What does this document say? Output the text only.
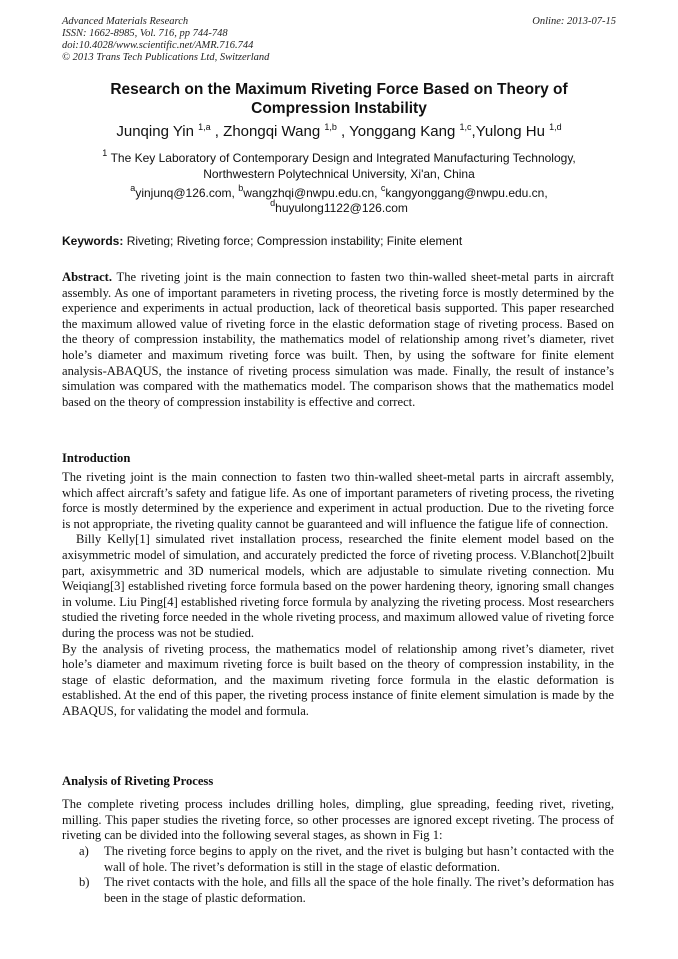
Advanced Materials Research
ISSN: 1662-8985, Vol. 716, pp 744-748
doi:10.4028/www.scientific.net/AMR.716.744
© 2013 Trans Tech Publications Ltd, Switzerland
Online: 2013-07-15
Research on the Maximum Riveting Force Based on Theory of
Compression Instability
Junqing Yin $^{1,a}$ , Zhongqi Wang $^{1,b}$ , Yonggang Kang $^{1,c}$,Yulong Hu $^{1,d}$
$^1$ The Key Laboratory of Contemporary Design and Integrated Manufacturing Technology,
Northwestern Polytechnical University, Xi'an, China
$^a$yinjunq@126.com, $^b$wangzhqi@nwpu.edu.cn, $^c$kangyonggang@nwpu.edu.cn,
$^d$huyulong1122@126.com
Keywords: Riveting; Riveting force; Compression instability; Finite element

Abstract. The riveting joint is the main connection to fasten two thin-walled sheet-metal parts in aircraft assembly. As one of important parameters in riveting process, the riveting force is mostly determined by the experience and experiments in actual production, lack of theoretical basis supported. This paper researched the maximum allowed value of riveting force in the elastic deformation stage of riveting process. Based on the theory of compression instability, the mathematics model of relationship among rivet’s diameter, rivet hole’s diameter and maximum riveting force was built. Then, by using the software for finite element analysis-ABAQUS, the instance of riveting process simulation was made. Finally, the result of instance’s simulation was compared with the mathematics model. The comparison shows that the mathematics model based on the theory of compression instability is effective and correct.

Introduction

The riveting joint is the main connection to fasten two thin-walled sheet-metal parts in aircraft assembly, which affect aircraft’s safety and fatigue life. As one of important parameters of riveting process, the riveting force is mostly determined by the experience and experiment in actual production. Due to the riveting force is not appropriate, the riveting quality cannot be guaranteed and will influence the fatigue life of connection.

Billy Kelly[1] simulated rivet installation process, researched the finite element model based on the axisymmetric model of simulation, and accurately predicted the force of riveting process. V.Blanchot[2]built part, axisymmetric and 3D numerical models, which are adjustable to simulate riveting connection. Mu Weiqiang[3] established riveting force formula based on the power hardening theory, ignoring small changes in volume. Liu Ping[4] established riveting force formula by analyzing the riveting process. Most researchers studied the riveting force needed in the whole riveting process, and maximum allowed value of riveting force during the process was not be studied.

By the analysis of riveting process, the mathematics model of relationship among rivet’s diameter, rivet hole’s diameter and maximum riveting force is built based on the theory of compression instability, in the stage of elastic deformation, and the maximum riveting force formula in the elastic deformation is established. At the end of this paper, the riveting process instance of finite element simulation is made by the ABAQUS, for validating the model and formula.

Analysis of Riveting Process

The complete riveting process includes drilling holes, dimpling, glue spreading, feeding rivet, riveting, milling. This paper studies the riveting force, so other processes are ignored except riveting. The process of riveting can be divided into the following several stages, as shown in Fig 1:

a) The riveting force begins to apply on the rivet, and the rivet is bulging but hasn’t contacted with the wall of hole. The rivet’s deformation is still in the stage of elastic deformation.
b) The rivet contacts with the hole, and fills all the space of the hole finally. The rivet’s deformation has been in the stage of plastic deformation.
